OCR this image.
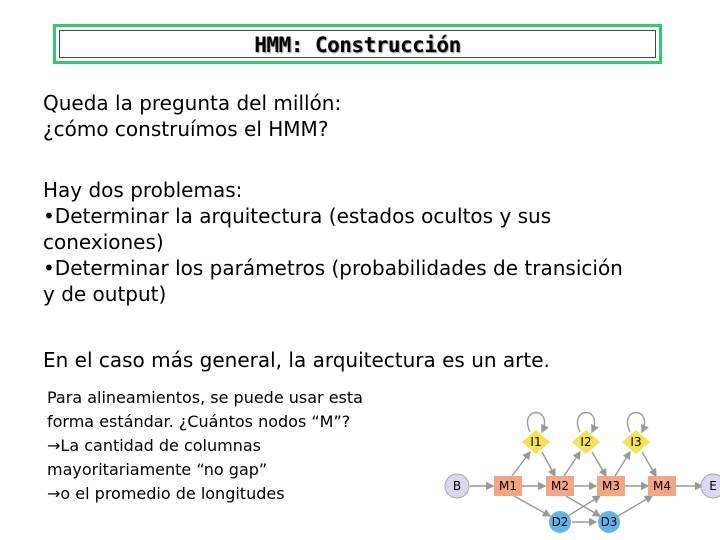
HMM: Construcción
Queda la pregunta del millón:
¿cómo construímos el HMM?
Hay dos problemas:
•Determinar la arquitectura (estados ocultos y sus
conexiones)
•Determinar los parámetros (probabilidades de transición
y de output)
En el caso más general, la arquitectura es un arte.
Para alineamientos, se puede usar esta
forma estándar. ¿Cuántos nodos “M”?
→La cantidad de columnas
mayoritariamente “no gap”
→o el promedio de longitudes	B	E
M1	M2	M3	M4
I1	I2	I3
D2	D3
